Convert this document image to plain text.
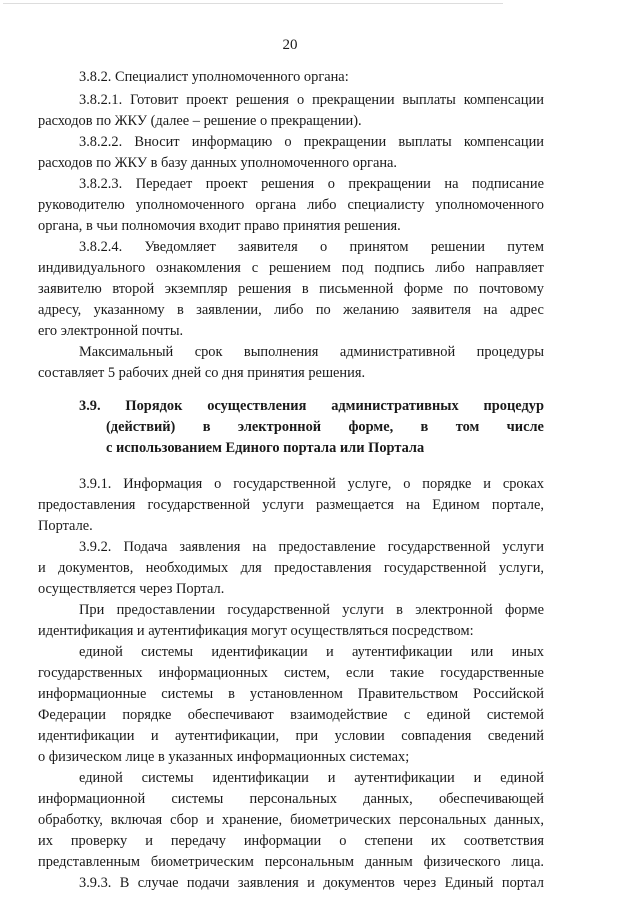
20
3.8.2. Специалист уполномоченного органа:
3.8.2.1. Готовит проект решения о прекращении выплаты компенсации
расходов по ЖКУ (далее – решение о прекращении).
3.8.2.2. Вносит информацию о прекращении выплаты компенсации
расходов по ЖКУ в базу данных уполномоченного органа.
3.8.2.3. Передает проект решения о прекращении на подписание
руководителю уполномоченного органа либо специалисту уполномоченного
органа, в чьи полномочия входит право принятия решения.
3.8.2.4. Уведомляет заявителя о принятом решении путем
индивидуального ознакомления с решением под подпись либо направляет
заявителю второй экземпляр решения в письменной форме по почтовому
адресу, указанному в заявлении, либо по желанию заявителя на адрес
его электронной почты.
Максимальный срок выполнения административной процедуры
составляет 5 рабочих дней со дня принятия решения.
3.9. Порядок осуществления административных процедур
(действий) в электронной форме, в том числе
с использованием Единого портала или Портала
3.9.1. Информация о государственной услуге, о порядке и сроках
предоставления государственной услуги размещается на Едином портале,
Портале.
3.9.2. Подача заявления на предоставление государственной услуги
и документов, необходимых для предоставления государственной услуги,
осуществляется через Портал.
При предоставлении государственной услуги в электронной форме
идентификация и аутентификация могут осуществляться посредством:
единой системы идентификации и аутентификации или иных
государственных информационных систем, если такие государственные
информационные системы в установленном Правительством Российской
Федерации порядке обеспечивают взаимодействие с единой системой
идентификации и аутентификации, при условии совпадения сведений
о физическом лице в указанных информационных системах;
единой системы идентификации и аутентификации и единой
информационной системы персональных данных, обеспечивающей
обработку, включая сбор и хранение, биометрических персональных данных,
их проверку и передачу информации о степени их соответствия
представленным биометрическим персональным данным физического лица.
3.9.3. В случае подачи заявления и документов через Единый портал
